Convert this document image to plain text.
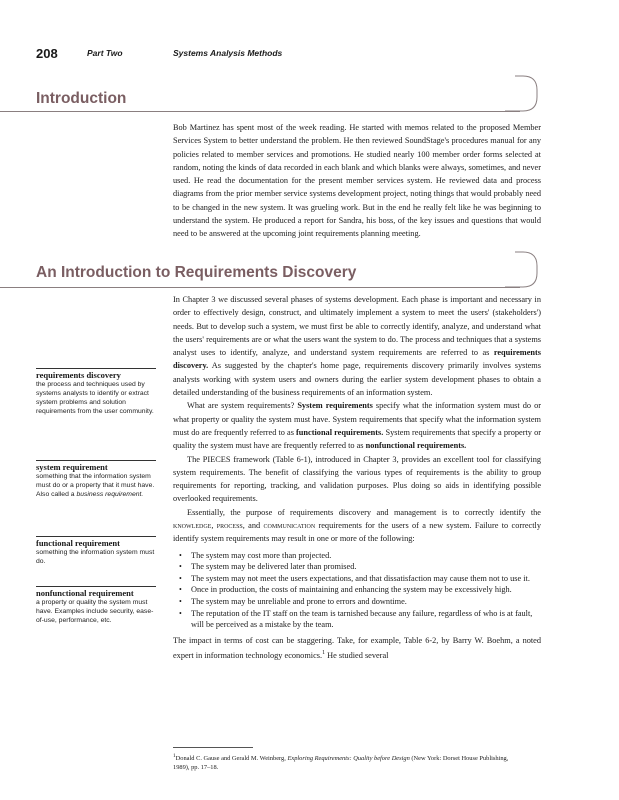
208	Part Two	Systems Analysis Methods
Introduction

Bob Martinez has spent most of the week reading. He started with memos related to the proposed Member Services System to better understand the problem. He then reviewed SoundStage's procedures manual for any policies related to member services and promotions. He studied nearly 100 member order forms selected at random, noting the kinds of data recorded in each blank and which blanks were always, sometimes, and never used. He read the documentation for the present member services system. He reviewed data and process diagrams from the prior member service systems development project, noting things that would probably need to be changed in the new system. It was grueling work. But in the end he really felt like he was beginning to understand the system. He produced a report for Sandra, his boss, of the key issues and questions that would need to be answered at the upcoming joint requirements planning meeting.

An Introduction to Requirements Discovery

In Chapter 3 we discussed several phases of systems development. Each phase is important and necessary in order to effectively design, construct, and ultimately implement a system to meet the users' (stakeholders') needs. But to develop such a system, we must first be able to correctly identify, analyze, and understand what the users' requirements are or what the users want the system to do. The process and techniques that a systems analyst uses to identify, analyze, and understand system requirements are referred to as requirements discovery. As suggested by the chapter's home page, requirements discovery primarily involves systems analysts working with system users and owners during the earlier system development phases to obtain a detailed understanding of the business requirements of an information system.

What are system requirements? System requirements specify what the information system must do or what property or quality the system must have. System requirements that specify what the information system must do are frequently referred to as functional requirements. System requirements that specify a property or quality the system must have are frequently referred to as nonfunctional requirements.

The PIECES framework (Table 6-1), introduced in Chapter 3, provides an excellent tool for classifying system requirements. The benefit of classifying the various types of requirements is the ability to group requirements for reporting, tracking, and validation purposes. Plus doing so aids in identifying possible overlooked requirements.

Essentially, the purpose of requirements discovery and management is to correctly identify the knowledge, process, and communication requirements for the users of a new system. Failure to correctly identify system requirements may result in one or more of the following:

• The system may cost more than projected.
• The system may be delivered later than promised.
• The system may not meet the users expectations, and that dissatisfaction may cause them not to use it.
• Once in production, the costs of maintaining and enhancing the system may be excessively high.
• The system may be unreliable and prone to errors and downtime.
• The reputation of the IT staff on the team is tarnished because any failure, regardless of who is at fault, will be perceived as a mistake by the team.

The impact in terms of cost can be staggering. Take, for example, Table 6-2, by Barry W. Boehm, a noted expert in information technology economics.$^1$ He studied several

requirements discovery
the process and techniques used by systems analysts to identify or extract system problems and solution requirements from the user community.
system requirement
something that the information system must do or a property that it must have. Also called a business requirement.
functional requirement
something the information system must do.
nonfunctional requirement
a property or quality the system must have. Examples include security, ease-of-use, performance, etc.
$^1$Donald C. Gause and Gerald M. Weinberg, Exploring Requirements: Quality before Design (New York: Dorset House Publishing, 1989), pp. 17–18.
